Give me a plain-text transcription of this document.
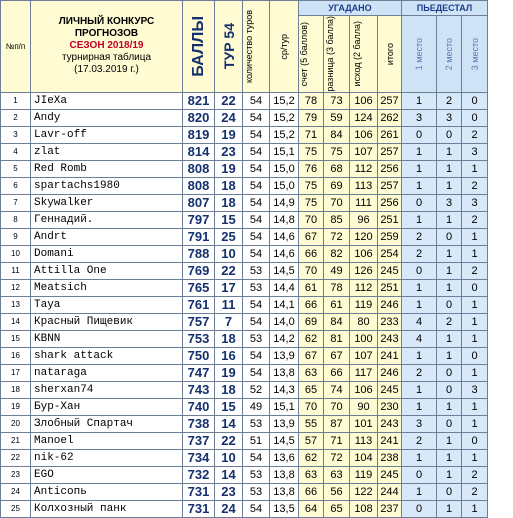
№п/п	ЛИЧНЫЙ КОНКУРС
ПРОГНОЗОВ
СЕЗОН 2018/19
турнирная таблица
(17.03.2019 г.)	БАЛЛЫ	ТУР 54	количество туров	ср/тур	УГАДАНО				ПЬЕДЕСТАЛ		

						счет (5 баллов)	разница (3 балла)	исход (2 балла)	итого	1 место	2 место	3 место

1	JIeXa	821	22	54	15,2	78	73	106	257	1	2	0
2	Andy	820	24	54	15,2	79	59	124	262	3	3	0
3	Lavr-off	819	19	54	15,2	71	84	106	261	0	0	2
4	zlat	814	23	54	15,1	75	75	107	257	1	1	3
5	Red Romb	808	19	54	15,0	76	68	112	256	1	1	1
6	spartachs1980	808	18	54	15,0	75	69	113	257	1	1	2
7	Skywalker	807	18	54	14,9	75	70	111	256	0	3	3
8	Геннадий.	797	15	54	14,8	70	85	96	251	1	1	2
9	Andrt	791	25	54	14,6	67	72	120	259	2	0	1
10	Domani	788	10	54	14,6	66	82	106	254	2	1	1
11	Attilla One	769	22	53	14,5	70	49	126	245	0	1	2
12	Meatsich	765	17	53	14,4	61	78	112	251	1	1	0
13	Taya	761	11	54	14,1	66	61	119	246	1	0	1
14	Красный Пищевик	757	7	54	14,0	69	84	80	233	4	2	1
15	KBNN	753	18	53	14,2	62	81	100	243	4	1	1
16	shark attack	750	16	54	13,9	67	67	107	241	1	1	0
17	nataraga	747	19	54	13,8	63	66	117	246	2	0	1
18	sherxan74	743	18	52	14,3	65	74	106	245	1	0	3
19	Бур-Хан	740	15	49	15,1	70	70	90	230	1	1	1
20	Злобный Спартач	738	14	53	13,9	55	87	101	243	3	0	1
21	Manoel	737	22	51	14,5	57	71	113	241	2	1	0
22	nik-62	734	10	54	13,6	62	72	104	238	1	1	1
23	EGO	732	14	53	13,8	63	63	119	245	0	1	2
24	Anticопь	731	23	53	13,8	66	56	122	244	1	0	2
25	Колхозный панк	731	24	54	13,5	64	65	108	237	0	1	1
